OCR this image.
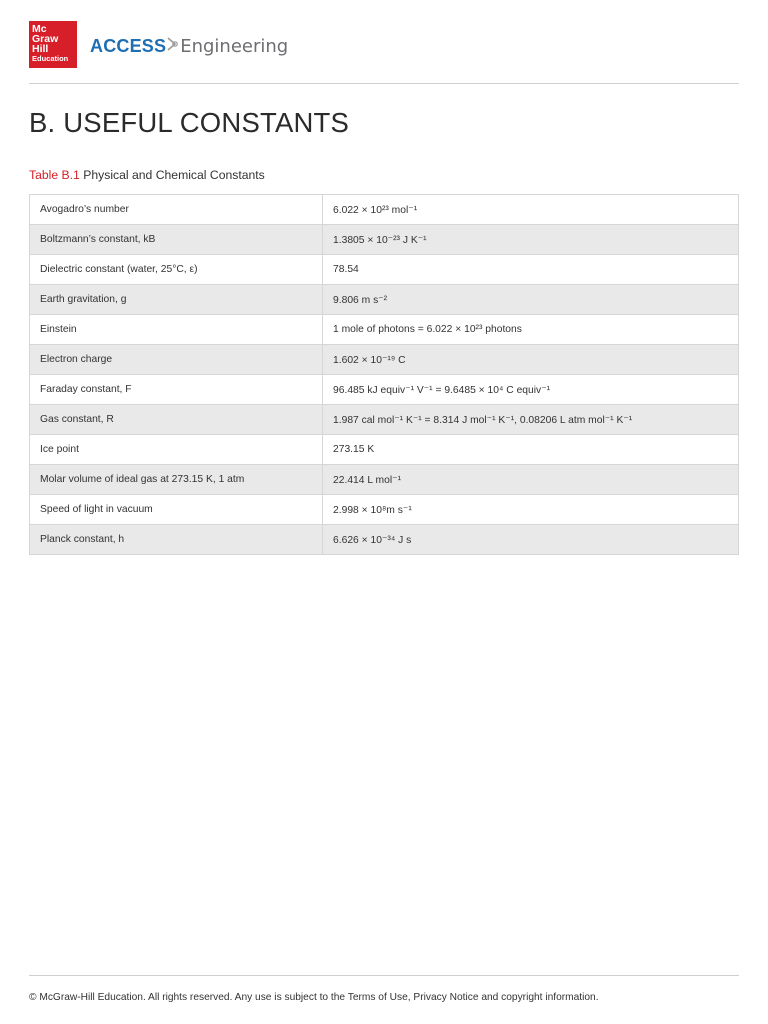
Mc
Graw
Hill
Education
ACCESS Engineering
B. USEFUL CONSTANTS
Table B.1 Physical and Chemical Constants
Avogadro’s number	6.022 × 10²³ mol⁻¹
Boltzmann’s constant, kB	1.3805 × 10⁻²³ J K⁻¹
Dielectric constant (water, 25°C, ε)	78.54
Earth gravitation, g	9.806 m s⁻²
Einstein	1 mole of photons = 6.022 × 10²³ photons
Electron charge	1.602 × 10⁻¹⁹ C
Faraday constant, F	96.485 kJ equiv⁻¹ V⁻¹ = 9.6485 × 10⁴ C equiv⁻¹
Gas constant, R	1.987 cal mol⁻¹ K⁻¹ = 8.314 J mol⁻¹ K⁻¹, 0.08206 L atm mol⁻¹ K⁻¹
Ice point	273.15 K
Molar volume of ideal gas at 273.15 K, 1 atm	22.414 L mol⁻¹
Speed of light in vacuum	2.998 × 10⁸m s⁻¹
Planck constant, h	6.626 × 10⁻³⁴ J s
© McGraw-Hill Education. All rights reserved. Any use is subject to the Terms of Use, Privacy Notice and copyright information.
